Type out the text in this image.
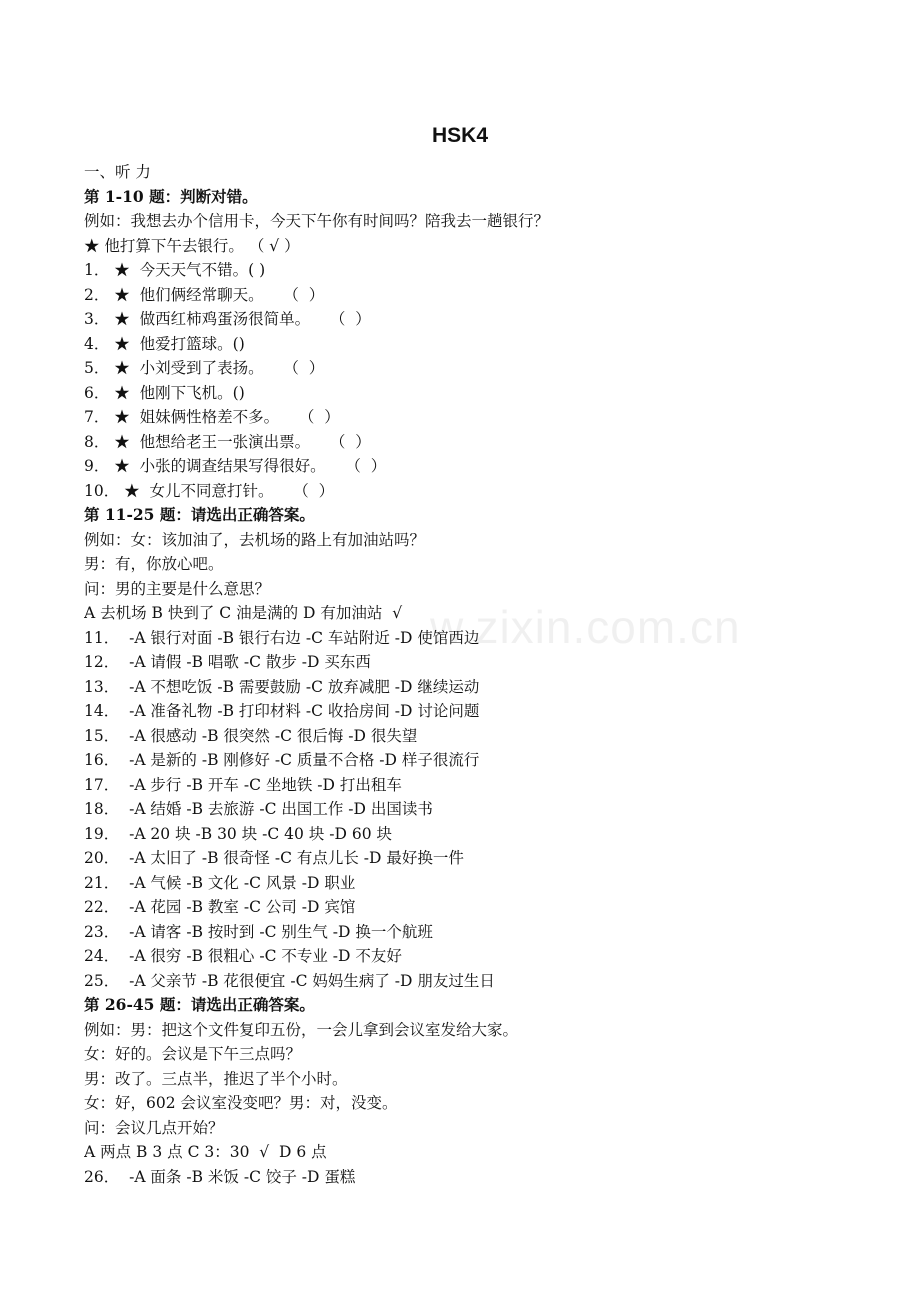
w.zixin.com.cn
HSK4
一、听 力
第 1-10 题：判断对错。
例如：我想去办个信用卡，今天下午你有时间吗？陪我去一趟银行？
★ 他打算下午去银行。 （ √ ）
1． ★  今天天气不错。( )
2． ★  他们俩经常聊天。    （  ）
3． ★  做西红柿鸡蛋汤很简单。    （  ）
4． ★  他爱打篮球。()
5． ★  小刘受到了表扬。    （  ）
6． ★  他刚下飞机。()
7． ★  姐妹俩性格差不多。    （  ）
8． ★  他想给老王一张演出票。    （  ）
9． ★  小张的调查结果写得很好。    （  ）
10． ★  女儿不同意打针。    （  ）
第 11-25 题：请选出正确答案。
例如：女：该加油了，去机场的路上有加油站吗？
男：有，你放心吧。
问：男的主要是什么意思？
A 去机场 B 快到了 C 油是满的 D 有加油站  √
11．  -A 银行对面 -B 银行右边 -C 车站附近 -D 使馆西边
12．  -A 请假 -B 唱歌 -C 散步 -D 买东西
13．  -A 不想吃饭 -B 需要鼓励 -C 放弃减肥 -D 继续运动
14．  -A 准备礼物 -B 打印材料 -C 收拾房间 -D 讨论问题
15．  -A 很感动 -B 很突然 -C 很后悔 -D 很失望
16．  -A 是新的 -B 刚修好 -C 质量不合格 -D 样子很流行
17．  -A 步行 -B 开车 -C 坐地铁 -D 打出租车
18．  -A 结婚 -B 去旅游 -C 出国工作 -D 出国读书
19．  -A 20 块 -B 30 块 -C 40 块 -D 60 块
20．  -A 太旧了 -B 很奇怪 -C 有点儿长 -D 最好换一件
21．  -A 气候 -B 文化 -C 风景 -D 职业
22．  -A 花园 -B 教室 -C 公司 -D 宾馆
23．  -A 请客 -B 按时到 -C 别生气 -D 换一个航班
24．  -A 很穷 -B 很粗心 -C 不专业 -D 不友好
25．  -A 父亲节 -B 花很便宜 -C 妈妈生病了 -D 朋友过生日
第 26-45 题：请选出正确答案。
例如：男：把这个文件复印五份，一会儿拿到会议室发给大家。
女：好的。会议是下午三点吗？
男：改了。三点半，推迟了半个小时。
女：好，602 会议室没变吧？男：对，没变。
问：会议几点开始？
A 两点 B 3 点 C 3：30  √  D 6 点
26．  -A 面条 -B 米饭 -C 饺子 -D 蛋糕
